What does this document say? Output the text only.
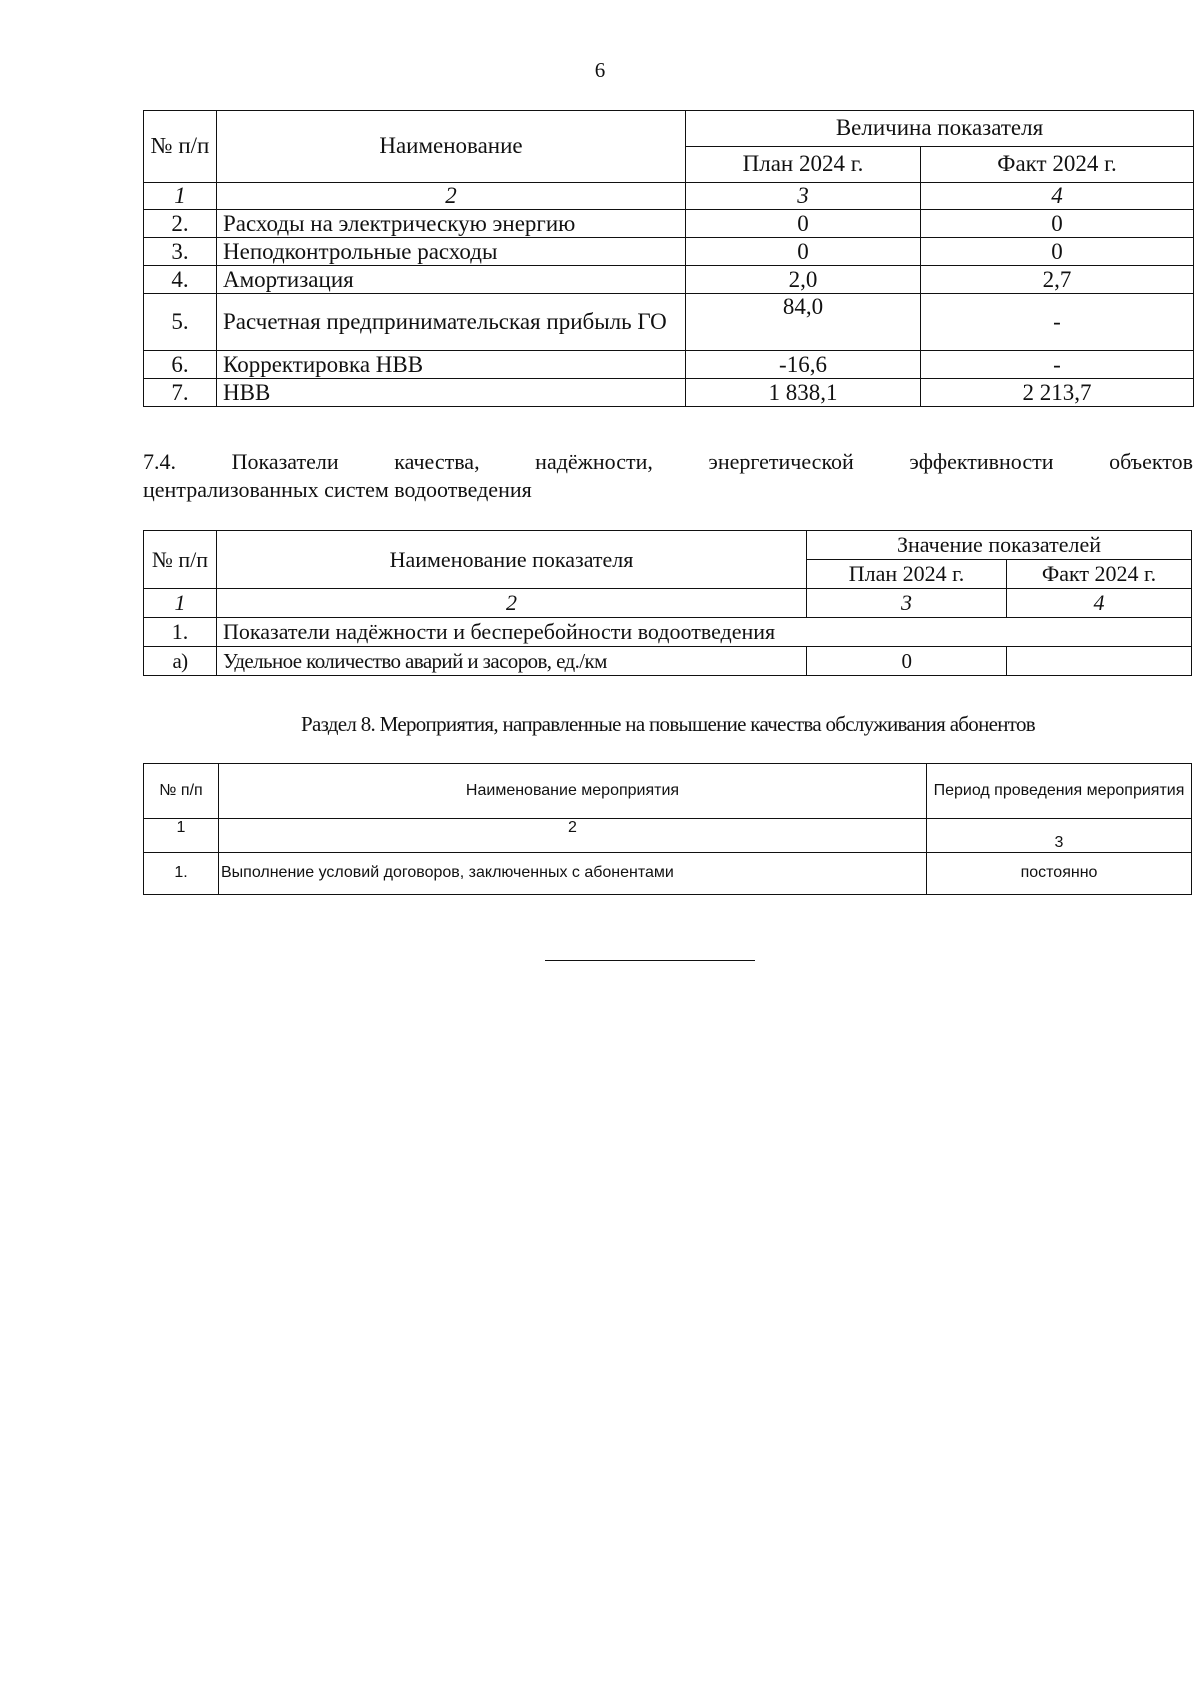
6
№ п/п	Наименование	Величина показателя	
		План 2024 г.	Факт 2024 г.
1	2	3	4
2.	Расходы на электрическую энергию	0	0
3.	Неподконтрольные расходы	0	0
4.	Амортизация	2,0	2,7
5.	Расчетная предпринимательская прибыль ГО	84,0	-
6.	Корректировка НВВ	-16,6	-
7.	НВВ	1 838,1	2 213,7
7.4. Показатели качества, надёжности, энергетической эффективности объектов
централизованных систем водоотведения
№ п/п	Наименование показателя	Значение показателей	
		План 2024 г.	Факт 2024 г.
1	2	3	4
1.	Показатели надёжности и бесперебойности водоотведения		
а)	Удельное количество аварий и засоров, ед./км	0	
Раздел 8. Мероприятия, направленные на повышение качества обслуживания абонентов
№ п/п	Наименование мероприятия	Период проведения мероприятия
1	2	3
1.	Выполнение условий договоров, заключенных с абонентами	постоянно
